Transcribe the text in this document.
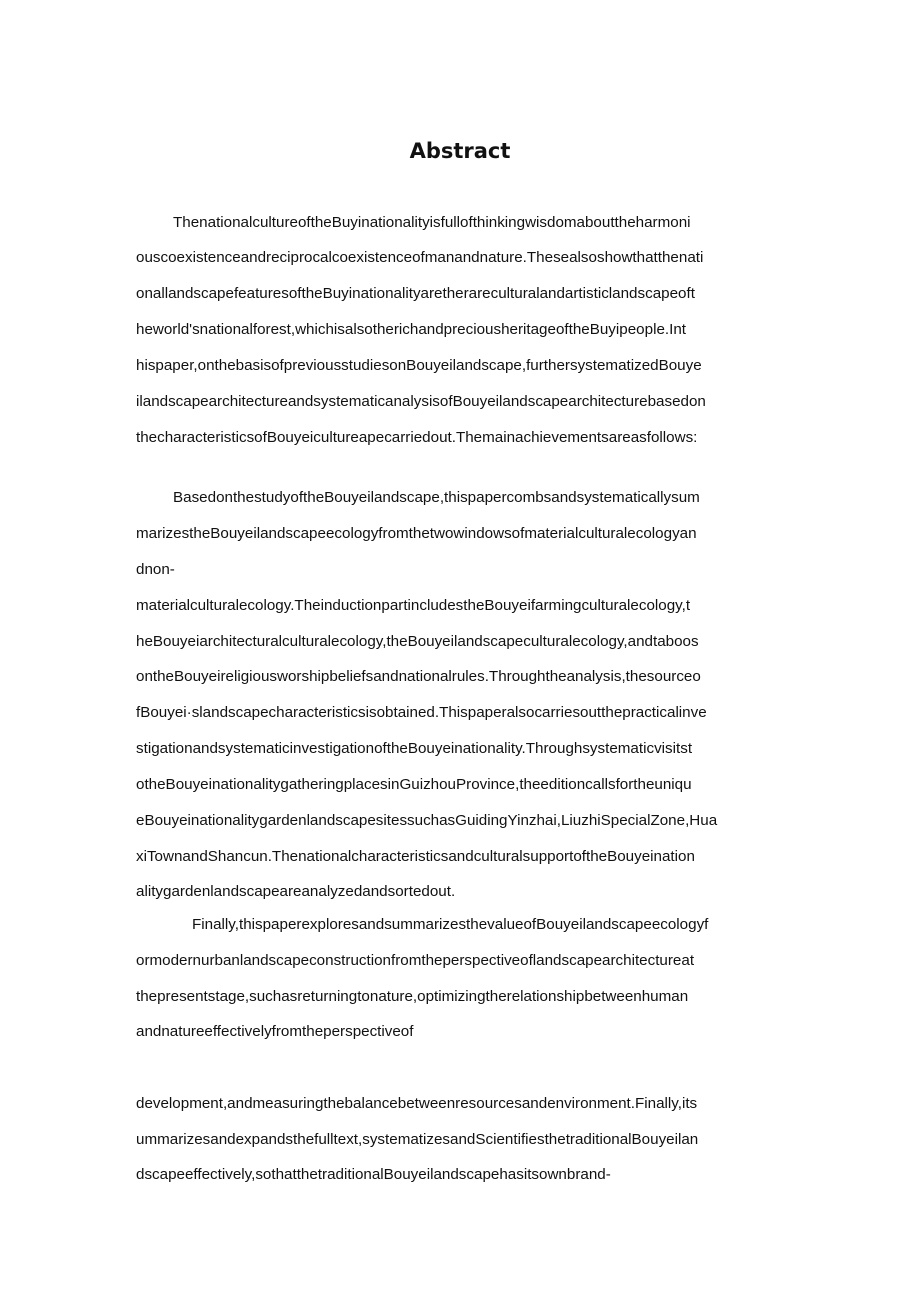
Abstract

ThenationalcultureoftheBuyinationalityisfullofthinkingwisdomabouttheharmoni

ouscoexistenceandreciprocalcoexistenceofmanandnature.Thesealsoshowthatthenati

onallandscapefeaturesoftheBuyinationalityaretherareculturalandartisticlandscapeoft

heworld'snationalforest,whichisalsotherichandpreciousheritageoftheBuyipeople.Int

hispaper,onthebasisofpreviousstudiesonBouyeilandscape,furthersystematizedBouye

ilandscapearchitectureandsystematicanalysisofBouyeilandscapearchitecturebasedon

thecharacteristicsofBouyeicultureарecarriedout.Themainachievementsareasfollows:

BasedonthestudyoftheBouyeilandscape,thispapercombsandsystematicallysum

marizestheBouyeilandscapeecologyfromthetwowindowsofmaterialculturalecologyan

dnon-

materialculturalecology.TheinductionpartincludestheBouyeifarmingculturalecology,t

heBouyeiarchitecturalculturalecology,theBouyeilandscapeculturalecology,andtaboos

ontheBouyeireligiousworshipbeliefsandnationalrules.Throughtheanalysis,thesourceo

fBouyei·slandscapecharacteristicsisobtained.Thispaperalsocarriesoutthepracticalinve

stigationandsystematicinvestigationoftheBouyeinationality.Throughsystematicvisitst

otheBouyeinationalitygatheringplacesinGuizhouProvince,theeditioncallsfortheuniqu

eBouyeinationalitygardenlandscapesitessuchasGuidingYinzhai,LiuzhiSpecialZone,Hua

xiTownandShancun.ThenationalcharacteristicsandculturalsupportoftheBouyeination

alitygardenlandscapeareanalyzedandsortedout.

Finally,thispaperexploresandsummarizesthevalueofBouyeilandscapeecologyf

ormodernurbanlandscapeconstructionfromtheperspectiveoflandscapearchitectureat

thepresentstage,suchasreturningtonature,optimizingtherelationshipbetweenhuman

andnatureeffectivelyfromtheperspectiveof

development,andmeasuringthebalancebetweenresourcesandenvironment.Finally,its

ummarizesandexpandsthefulltext,systematizesandScientifiesthetraditionalBouyeilan

dscapeeffectively,sothatthetraditionalBouyeilandscapehasitsownbrand-
